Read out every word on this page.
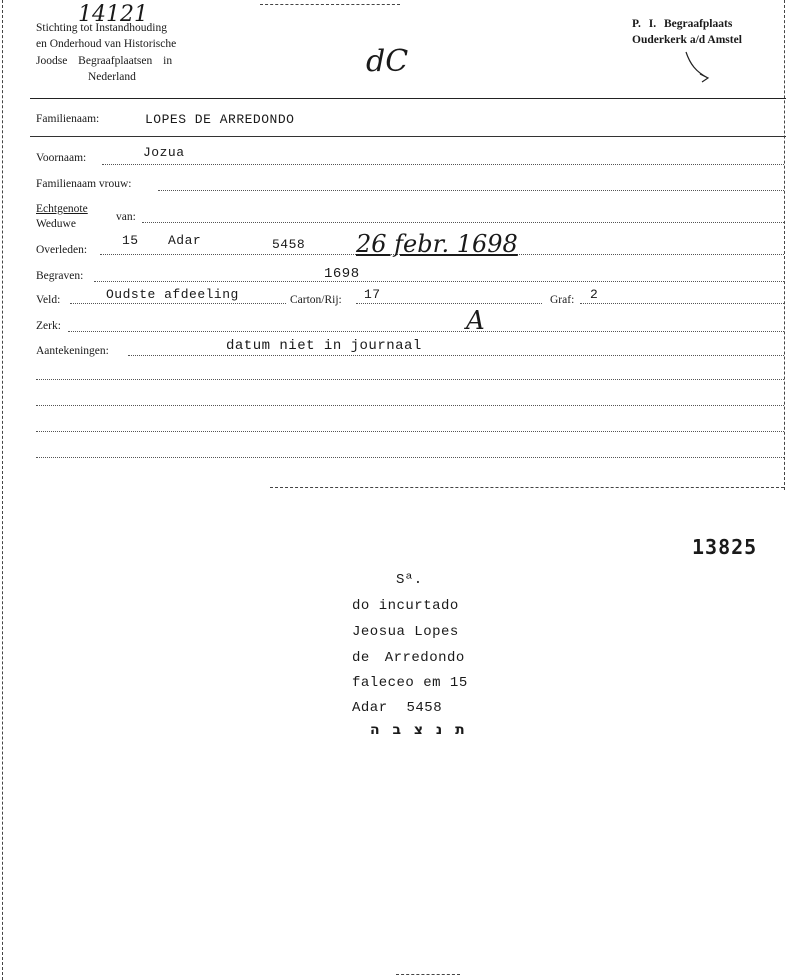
14121
Stichting tot Instandhouding
en Onderhoud van Historische
Joodse Begraafplaatsen in
Nederland	dC
P. I. Begraafplaats
Ouderkerk a/d Amstel
Familienaam:	LOPES DE ARREDONDO
Voornaam:	Jozua
Familienaam vrouw:
Echtgenote
Weduwe
van:
Overleden:
15 Adar	5458 26 febr. 1698
Begraven:	1698
Veld:	Oudste afdeeling	Carton/Rij: 17	Graf: 2
Zerk:	A
Aantekeningen:	datum niet in journaal
13825
Sª.
do incurtado
Jeosua Lopes
de Arredondo
faleceo em 15
Adar 5458
ת נ צ ב ה
